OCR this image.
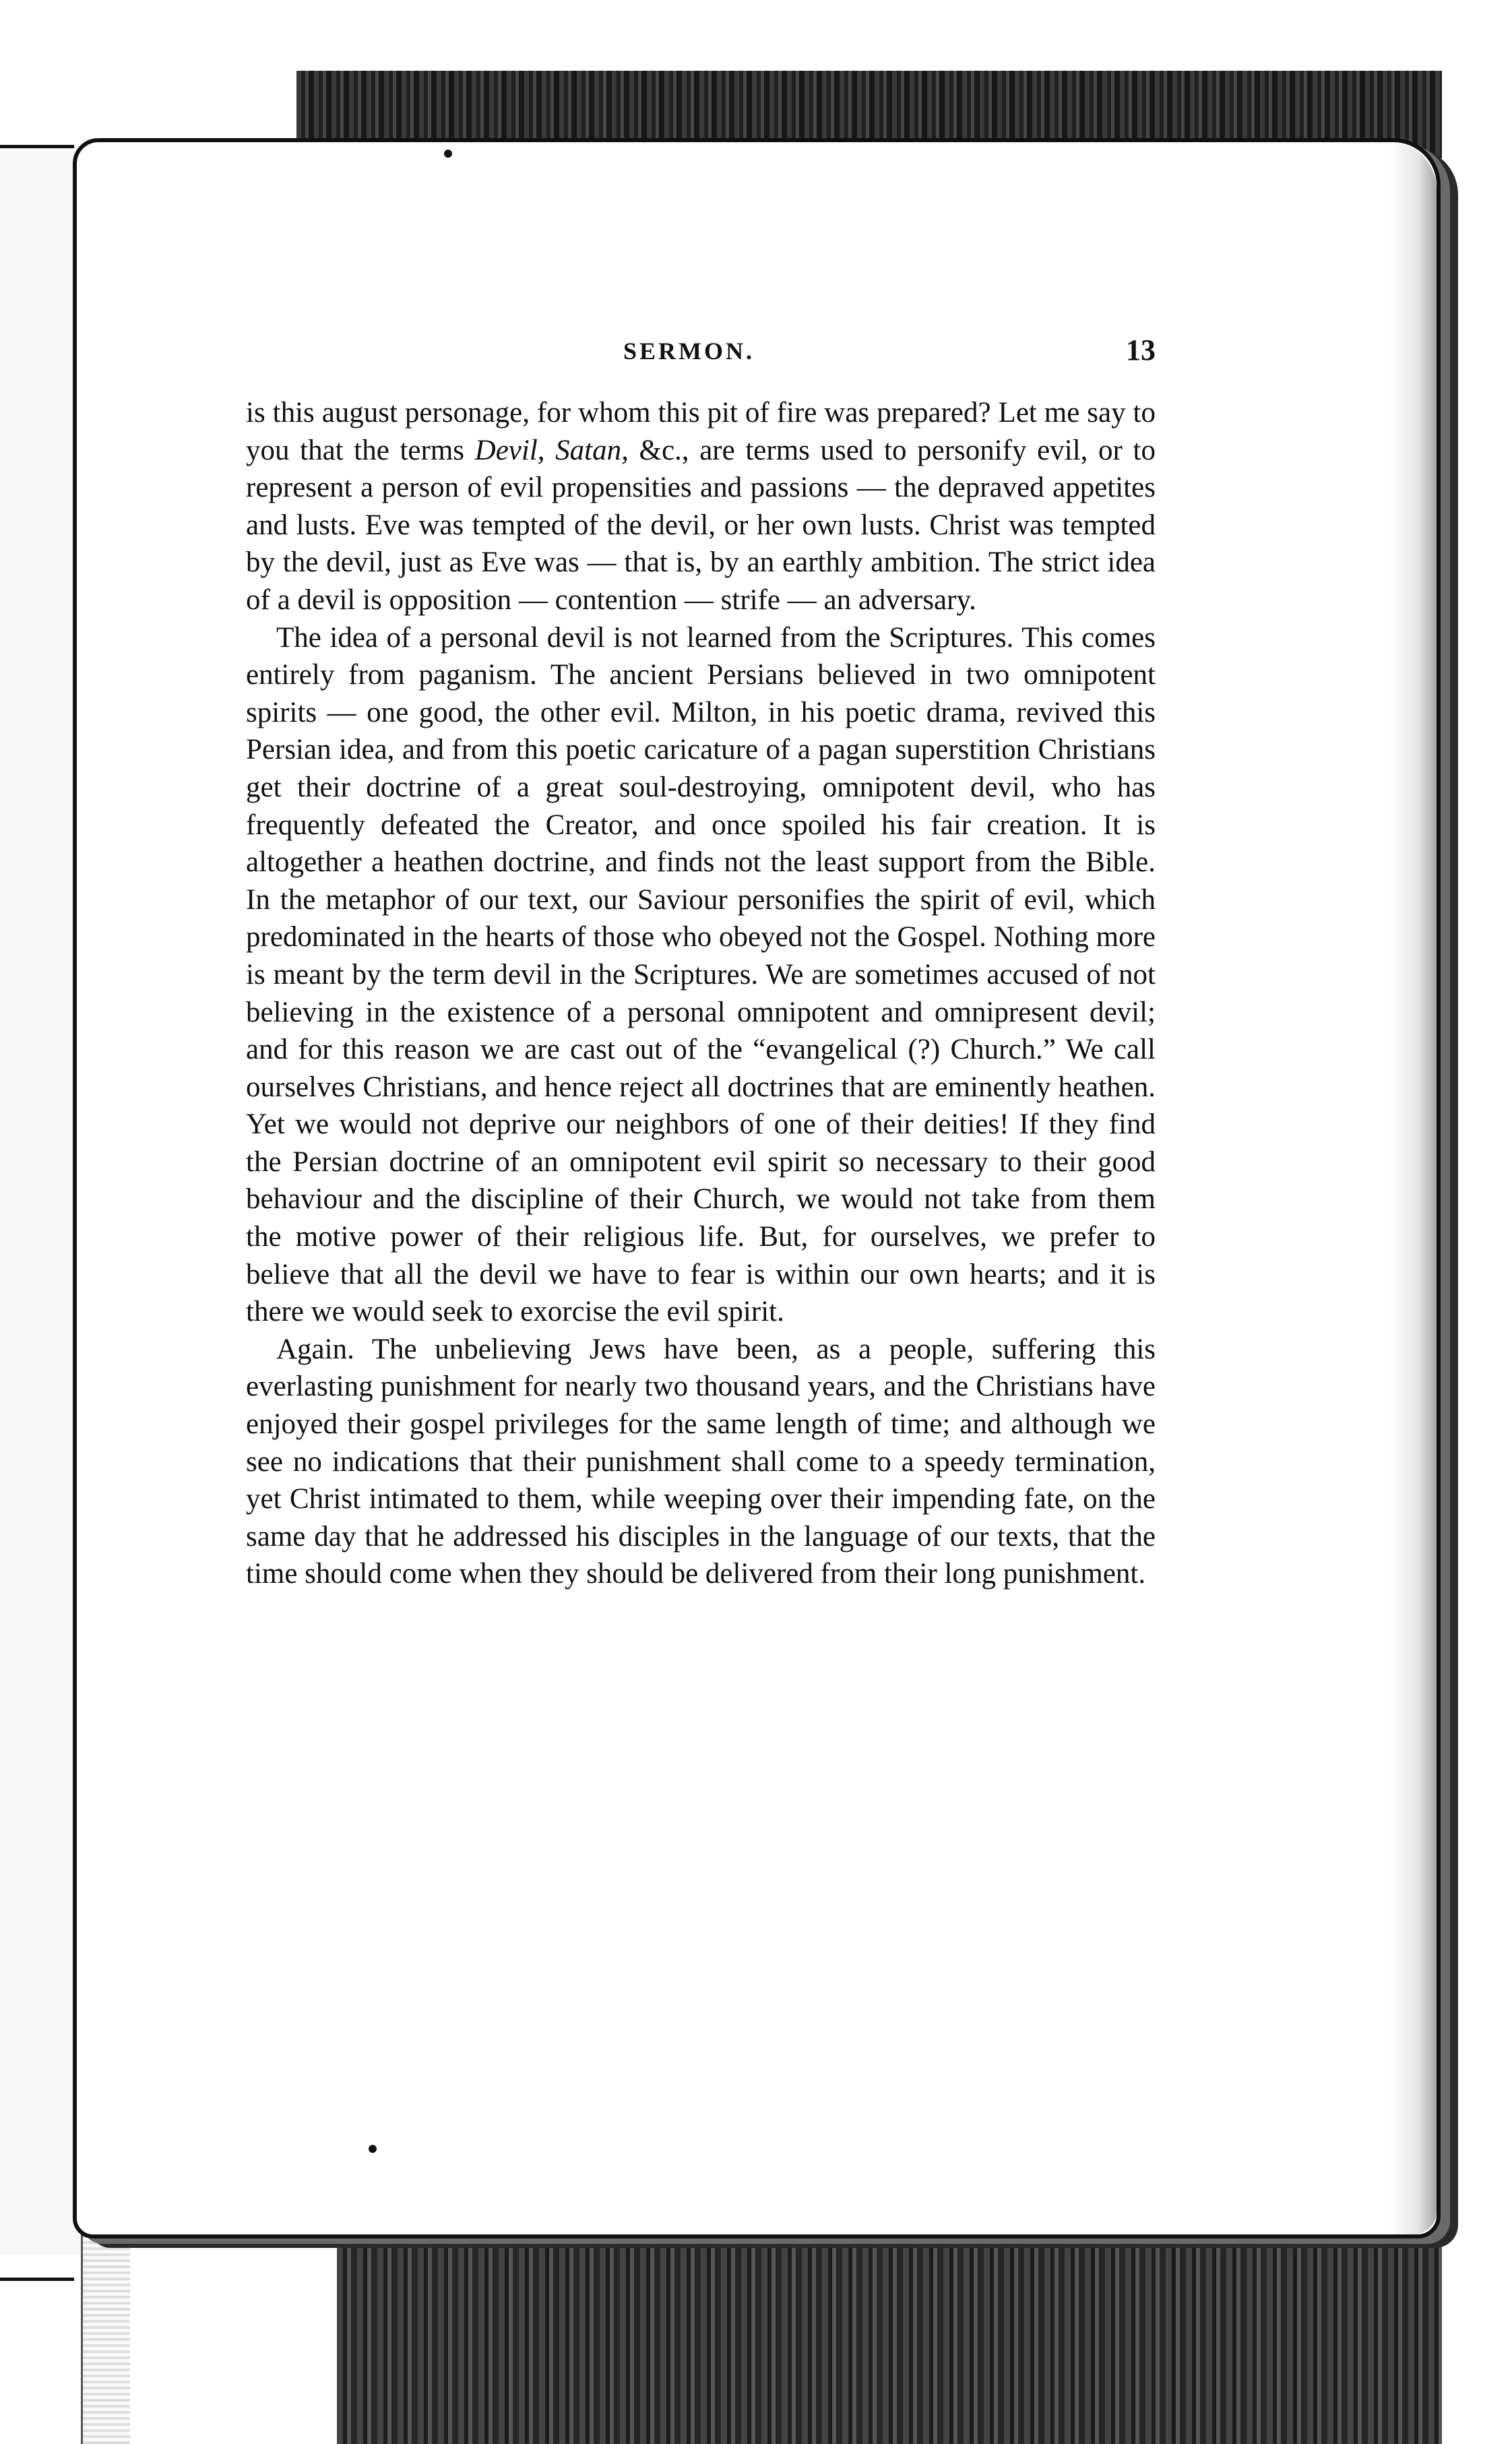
SERMON.	13

is this august personage, for whom this pit of fire was prepared? Let me say to you that the terms Devil, Satan, &c., are terms used to personify evil, or to represent a person of evil propensities and passions — the depraved appetites and lusts. Eve was tempted of the devil, or her own lusts. Christ was tempted by the devil, just as Eve was — that is, by an earthly ambition. The strict idea of a devil is opposition — contention — strife — an adversary.

The idea of a personal devil is not learned from the Scriptures. This comes entirely from paganism. The ancient Persians believed in two omnipotent spirits — one good, the other evil. Milton, in his poetic drama, revived this Persian idea, and from this poetic caricature of a pagan superstition Christians get their doctrine of a great soul-destroying, omnipotent devil, who has frequently defeated the Creator, and once spoiled his fair creation. It is altogether a heathen doctrine, and finds not the least support from the Bible. In the metaphor of our text, our Saviour personifies the spirit of evil, which predominated in the hearts of those who obeyed not the Gospel. Nothing more is meant by the term devil in the Scriptures. We are sometimes accused of not believing in the existence of a personal omnipotent and omnipresent devil; and for this reason we are cast out of the “evangelical (?) Church.” We call ourselves Christians, and hence reject all doctrines that are eminently heathen. Yet we would not deprive our neighbors of one of their deities! If they find the Persian doctrine of an omnipotent evil spirit so necessary to their good behaviour and the discipline of their Church, we would not take from them the motive power of their religious life. But, for ourselves, we prefer to believe that all the devil we have to fear is within our own hearts; and it is there we would seek to exorcise the evil spirit.

Again. The unbelieving Jews have been, as a people, suffering this everlasting punishment for nearly two thousand years, and the Christians have enjoyed their gospel privileges for the same length of time; and although we see no indications that their punishment shall come to a speedy termination, yet Christ intimated to them, while weeping over their impending fate, on the same day that he addressed his disciples in the language of our texts, that the time should come when they should be delivered from their long punishment.
